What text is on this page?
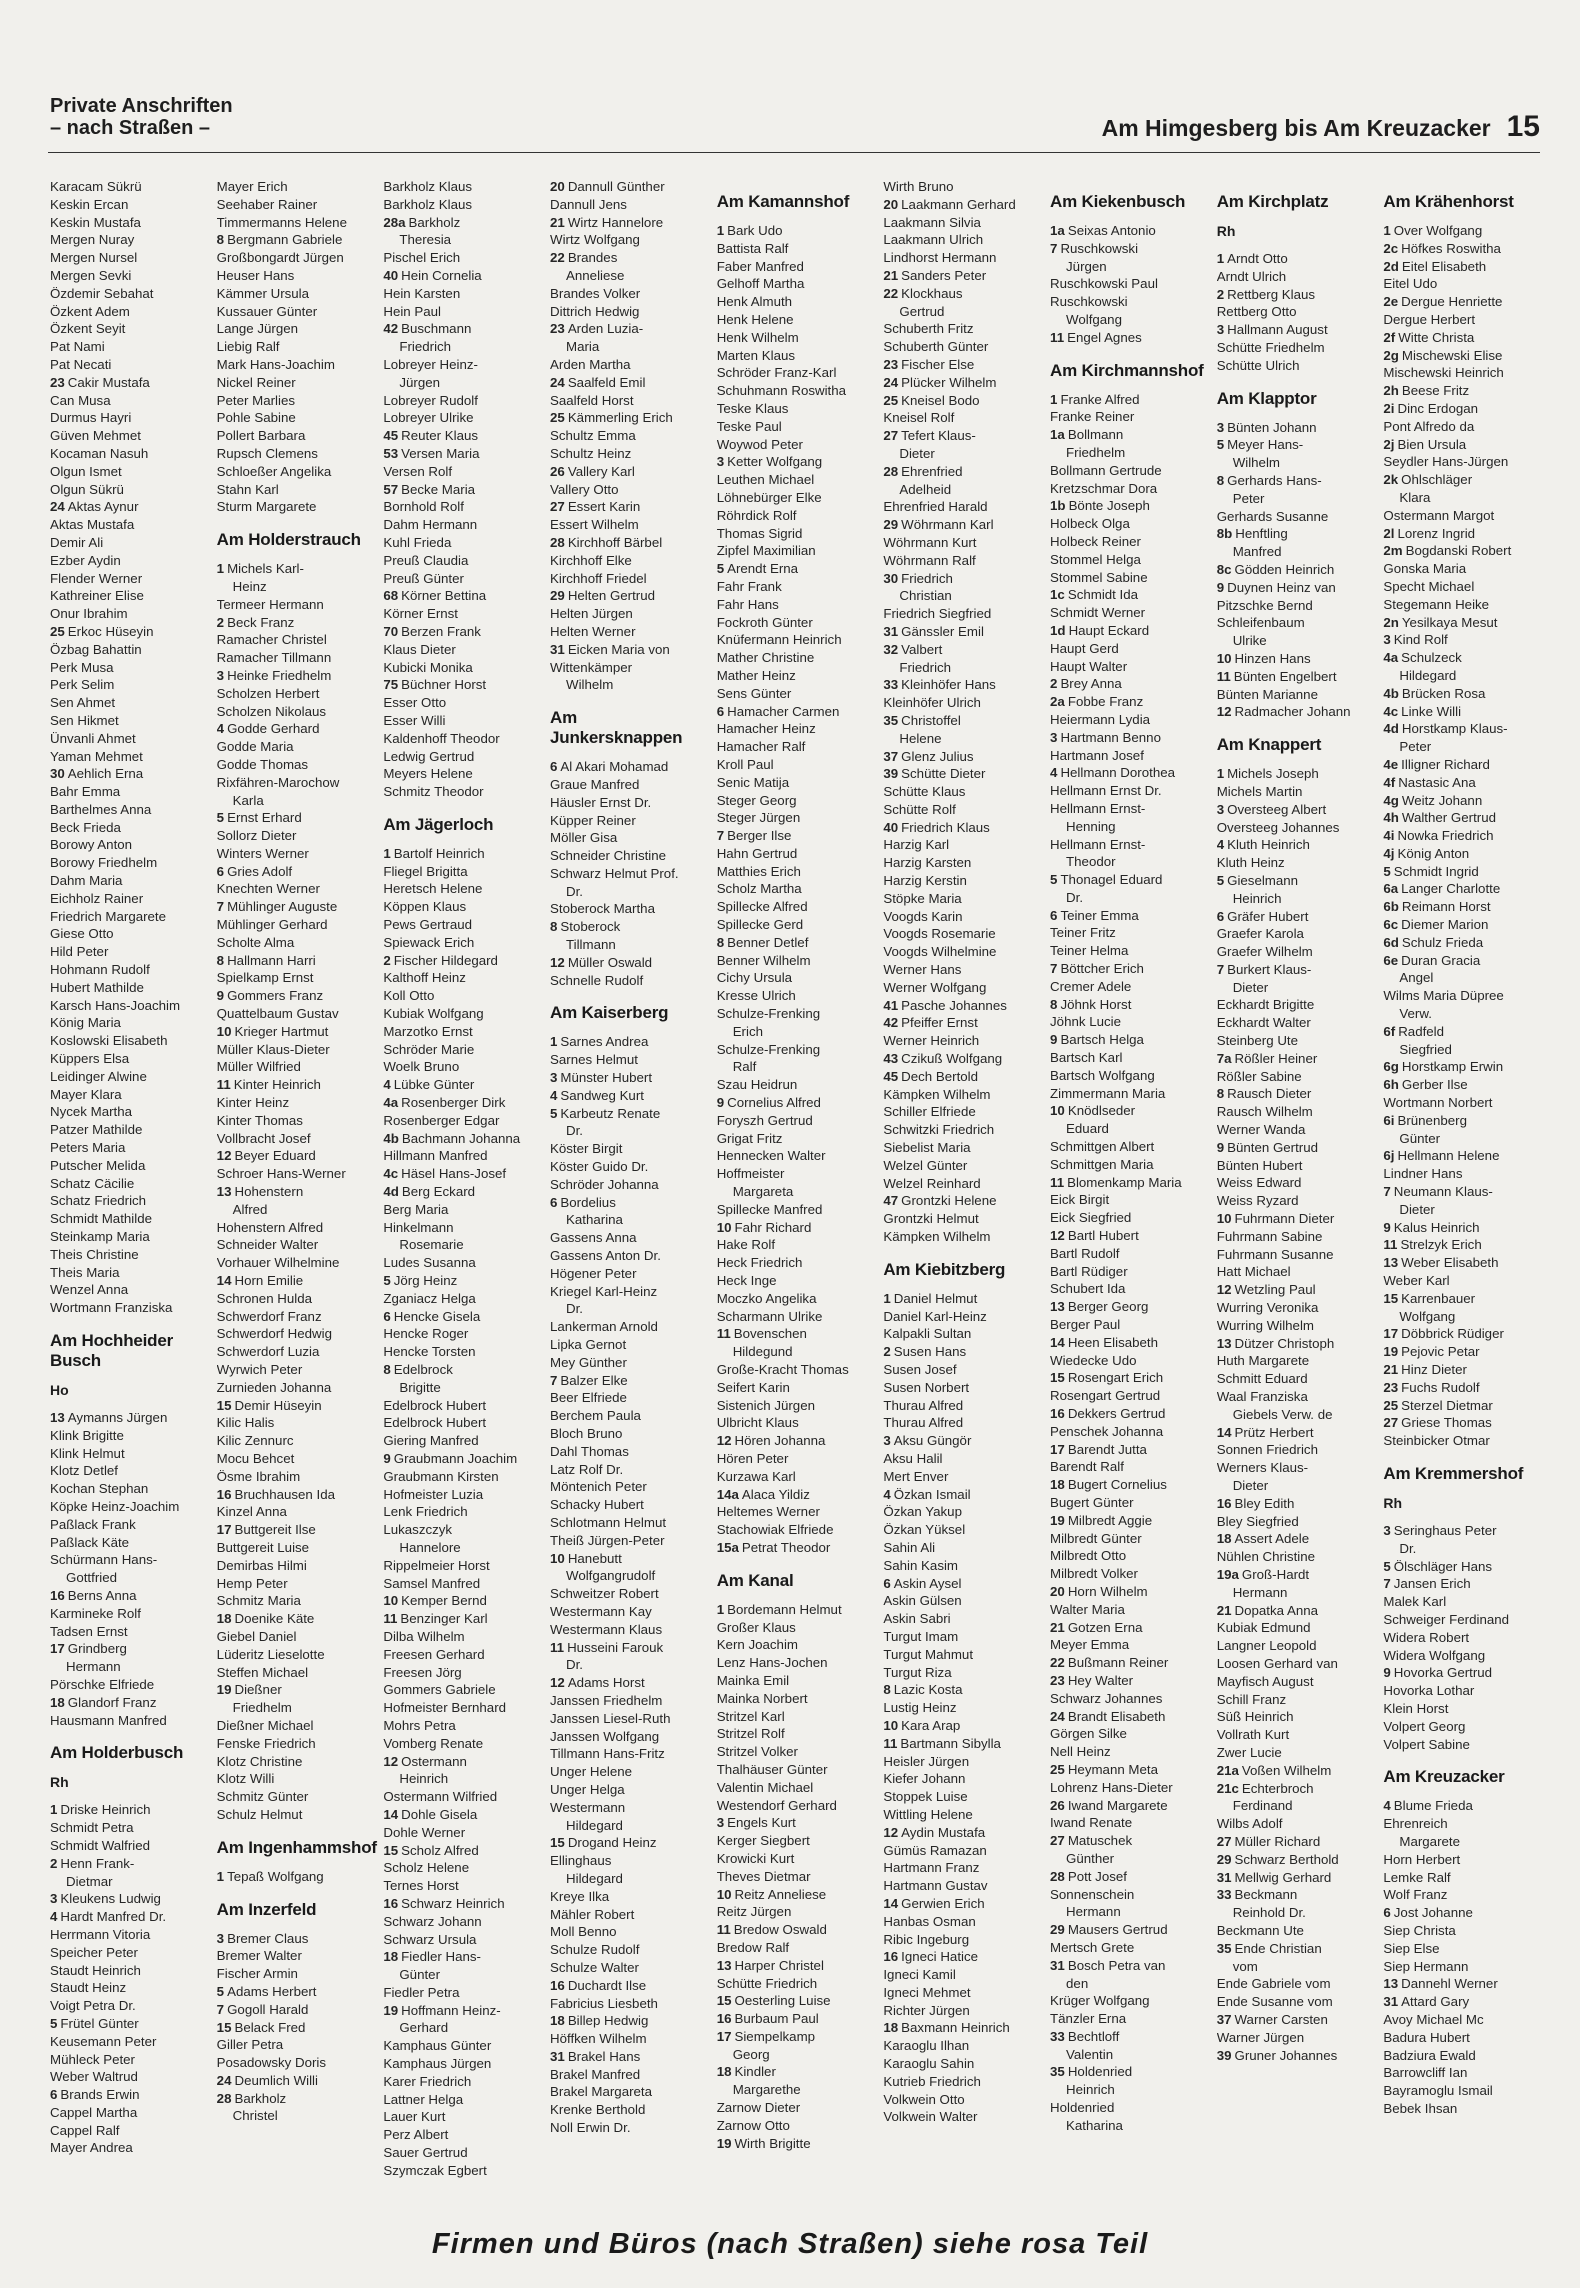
Private Anschriften
– nach Straßen –	Am Himgesberg bis Am Kreuzacker 15
Karacam Sükrü
Keskin Ercan
Keskin Mustafa
Mergen Nuray
Mergen Nursel
Mergen Sevki
Özdemir Sebahat
Özkent Adem
Özkent Seyit
Pat Nami
Pat Necati
23 Cakir Mustafa
Can Musa
Durmus Hayri
Güven Mehmet
Kocaman Nasuh
Olgun Ismet
Olgun Sükrü
24 Aktas Aynur
Aktas Mustafa
Demir Ali
Ezber Aydin
Flender Werner
Kathreiner Elise
Onur Ibrahim
25 Erkoc Hüseyin
Özbag Bahattin
Perk Musa
Perk Selim
Sen Ahmet
Sen Hikmet
Ünvanli Ahmet
Yaman Mehmet
30 Aehlich Erna
Bahr Emma
Barthelmes Anna
Beck Frieda
Borowy Anton
Borowy Friedhelm
Dahm Maria
Eichholz Rainer
Friedrich Margarete
Giese Otto
Hild Peter
Hohmann Rudolf
Hubert Mathilde
Karsch Hans-Joachim
König Maria
Koslowski Elisabeth
Küppers Elsa
Leidinger Alwine
Mayer Klara
Nycek Martha
Patzer Mathilde
Peters Maria
Putscher Melida
Schatz Cäcilie
Schatz Friedrich
Schmidt Mathilde
Steinkamp Maria
Theis Christine
Theis Maria
Wenzel Anna
Wortmann Franziska
Am Hochheider Busch
Ho
13 Aymanns Jürgen
Klink Brigitte
Klink Helmut
Klotz Detlef
Kochan Stephan
Köpke Heinz-Joachim
Paßlack Frank
Paßlack Käte
Schürmann Hans-
Gottfried
16 Berns Anna
Karmineke Rolf
Tadsen Ernst
17 Grindberg
Hermann
Pörschke Elfriede
18 Glandorf Franz
Hausmann Manfred
Am Holderbusch
Rh
1 Driske Heinrich
Schmidt Petra
Schmidt Walfried
2 Henn Frank-
Dietmar
3 Kleukens Ludwig
4 Hardt Manfred Dr.
Herrmann Vitoria
Speicher Peter
Staudt Heinrich
Staudt Heinz
Voigt Petra Dr.
5 Frütel Günter
Keusemann Peter
Mühleck Peter
Weber Waltrud
6 Brands Erwin
Cappel Martha
Cappel Ralf
Mayer Andrea
Mayer Erich
Seehaber Rainer
Timmermanns Helene
8 Bergmann Gabriele
Großbongardt Jürgen
Heuser Hans
Kämmer Ursula
Kussauer Günter
Lange Jürgen
Liebig Ralf
Mark Hans-Joachim
Nickel Reiner
Peter Marlies
Pohle Sabine
Pollert Barbara
Rupsch Clemens
Schloeßer Angelika
Stahn Karl
Sturm Margarete
Am Holderstrauch
1 Michels Karl-
Heinz
Termeer Hermann
2 Beck Franz
Ramacher Christel
Ramacher Tillmann
3 Heinke Friedhelm
Scholzen Herbert
Scholzen Nikolaus
4 Godde Gerhard
Godde Maria
Godde Thomas
Rixfähren-Marochow
Karla
5 Ernst Erhard
Sollorz Dieter
Winters Werner
6 Gries Adolf
Knechten Werner
7 Mühlinger Auguste
Mühlinger Gerhard
Scholte Alma
8 Hallmann Harri
Spielkamp Ernst
9 Gommers Franz
Quattelbaum Gustav
10 Krieger Hartmut
Müller Klaus-Dieter
Müller Wilfried
11 Kinter Heinrich
Kinter Heinz
Kinter Thomas
Vollbracht Josef
12 Beyer Eduard
Schroer Hans-Werner
13 Hohenstern
Alfred
Hohenstern Alfred
Schneider Walter
Vorhauer Wilhelmine
14 Horn Emilie
Schronen Hulda
Schwerdorf Franz
Schwerdorf Hedwig
Schwerdorf Luzia
Wyrwich Peter
Zurnieden Johanna
15 Demir Hüseyin
Kilic Halis
Kilic Zennurc
Mocu Behcet
Ösme Ibrahim
16 Bruchhausen Ida
Kinzel Anna
17 Buttgereit Ilse
Buttgereit Luise
Demirbas Hilmi
Hemp Peter
Schmitz Maria
18 Doenike Käte
Giebel Daniel
Lüderitz Lieselotte
Steffen Michael
19 Dießner
Friedhelm
Dießner Michael
Fenske Friedrich
Klotz Christine
Klotz Willi
Schmitz Günter
Schulz Helmut
Am Ingenhammshof
1 Tepaß Wolfgang
Am Inzerfeld
3 Bremer Claus
Bremer Walter
Fischer Armin
5 Adams Herbert
7 Gogoll Harald
15 Belack Fred
Giller Petra
Posadowsky Doris
24 Deumlich Willi
28 Barkholz
Christel
Barkholz Klaus
Barkholz Klaus
28a Barkholz
Theresia
Pischel Erich
40 Hein Cornelia
Hein Karsten
Hein Paul
42 Buschmann
Friedrich
Lobreyer Heinz-
Jürgen
Lobreyer Rudolf
Lobreyer Ulrike
45 Reuter Klaus
53 Versen Maria
Versen Rolf
57 Becke Maria
Bornhold Rolf
Dahm Hermann
Kuhl Frieda
Preuß Claudia
Preuß Günter
68 Körner Bettina
Körner Ernst
70 Berzen Frank
Klaus Dieter
Kubicki Monika
75 Büchner Horst
Esser Otto
Esser Willi
Kaldenhoff Theodor
Ledwig Gertrud
Meyers Helene
Schmitz Theodor
Am Jägerloch
1 Bartolf Heinrich
Fliegel Brigitta
Heretsch Helene
Köppen Klaus
Pews Gertraud
Spiewack Erich
2 Fischer Hildegard
Kalthoff Heinz
Koll Otto
Kubiak Wolfgang
Marzotko Ernst
Schröder Marie
Woelk Bruno
4 Lübke Günter
4a Rosenberger Dirk
Rosenberger Edgar
4b Bachmann Johanna
Hillmann Manfred
4c Häsel Hans-Josef
4d Berg Eckard
Berg Maria
Hinkelmann
Rosemarie
Ludes Susanna
5 Jörg Heinz
Zganiacz Helga
6 Hencke Gisela
Hencke Roger
Hencke Torsten
8 Edelbrock
Brigitte
Edelbrock Hubert
Edelbrock Hubert
Giering Manfred
9 Graubmann Joachim
Graubmann Kirsten
Hofmeister Luzia
Lenk Friedrich
Lukaszczyk
Hannelore
Rippelmeier Horst
Samsel Manfred
10 Kemper Bernd
11 Benzinger Karl
Dilba Wilhelm
Freesen Gerhard
Freesen Jörg
Gommers Gabriele
Hofmeister Bernhard
Mohrs Petra
Vomberg Renate
12 Ostermann
Heinrich
Ostermann Wilfried
14 Dohle Gisela
Dohle Werner
15 Scholz Alfred
Scholz Helene
Ternes Horst
16 Schwarz Heinrich
Schwarz Johann
Schwarz Ursula
18 Fiedler Hans-
Günter
Fiedler Petra
19 Hoffmann Heinz-
Gerhard
Kamphaus Günter
Kamphaus Jürgen
Karer Friedrich
Lattner Helga
Lauer Kurt
Perz Albert
Sauer Gertrud
Szymczak Egbert
20 Dannull Günther
Dannull Jens
21 Wirtz Hannelore
Wirtz Wolfgang
22 Brandes
Anneliese
Brandes Volker
Dittrich Hedwig
23 Arden Luzia-
Maria
Arden Martha
24 Saalfeld Emil
Saalfeld Horst
25 Kämmerling Erich
Schultz Emma
Schultz Heinz
26 Vallery Karl
Vallery Otto
27 Essert Karin
Essert Wilhelm
28 Kirchhoff Bärbel
Kirchhoff Elke
Kirchhoff Friedel
29 Helten Gertrud
Helten Jürgen
Helten Werner
31 Eicken Maria von
Wittenkämper
Wilhelm
Am Junkersknappen
6 Al Akari Mohamad
Graue Manfred
Häusler Ernst Dr.
Küpper Reiner
Möller Gisa
Schneider Christine
Schwarz Helmut Prof.
Dr.
Stoberock Martha
8 Stoberock
Tillmann
12 Müller Oswald
Schnelle Rudolf
Am Kaiserberg
1 Sarnes Andrea
Sarnes Helmut
3 Münster Hubert
4 Sandweg Kurt
5 Karbeutz Renate
Dr.
Köster Birgit
Köster Guido Dr.
Schröder Johanna
6 Bordelius
Katharina
Gassens Anna
Gassens Anton Dr.
Högener Peter
Kriegel Karl-Heinz
Dr.
Lankerman Arnold
Lipka Gernot
Mey Günther
7 Balzer Elke
Beer Elfriede
Berchem Paula
Bloch Bruno
Dahl Thomas
Latz Rolf Dr.
Möntenich Peter
Schacky Hubert
Schlotmann Helmut
Theiß Jürgen-Peter
10 Hanebutt
Wolfgangrudolf
Schweitzer Robert
Westermann Kay
Westermann Klaus
11 Husseini Farouk
Dr.
12 Adams Horst
Janssen Friedhelm
Janssen Liesel-Ruth
Janssen Wolfgang
Tillmann Hans-Fritz
Unger Helene
Unger Helga
Westermann
Hildegard
15 Drogand Heinz
Ellinghaus
Hildegard
Kreye Ilka
Mähler Robert
Moll Benno
Schulze Rudolf
Schulze Walter
16 Duchardt Ilse
Fabricius Liesbeth
18 Billep Hedwig
Höffken Wilhelm
31 Brakel Hans
Brakel Manfred
Brakel Margareta
Krenke Berthold
Noll Erwin Dr.
Am Kamannshof
1 Bark Udo
Battista Ralf
Faber Manfred
Gelhoff Martha
Henk Almuth
Henk Helene
Henk Wilhelm
Marten Klaus
Schröder Franz-Karl
Schuhmann Roswitha
Teske Klaus
Teske Paul
Woywod Peter
3 Ketter Wolfgang
Leuthen Michael
Löhnebürger Elke
Röhrdick Rolf
Thomas Sigrid
Zipfel Maximilian
5 Arendt Erna
Fahr Frank
Fahr Hans
Fockroth Günter
Knüfermann Heinrich
Mather Christine
Mather Heinz
Sens Günter
6 Hamacher Carmen
Hamacher Heinz
Hamacher Ralf
Kroll Paul
Senic Matija
Steger Georg
Steger Jürgen
7 Berger Ilse
Hahn Gertrud
Matthies Erich
Scholz Martha
Spillecke Alfred
Spillecke Gerd
8 Benner Detlef
Benner Wilhelm
Cichy Ursula
Kresse Ulrich
Schulze-Frenking
Erich
Schulze-Frenking
Ralf
Szau Heidrun
9 Cornelius Alfred
Foryszh Gertrud
Grigat Fritz
Hennecken Walter
Hoffmeister
Margareta
Spillecke Manfred
10 Fahr Richard
Hake Rolf
Heck Friedrich
Heck Inge
Moczko Angelika
Scharmann Ulrike
11 Bovenschen
Hildegund
Große-Kracht Thomas
Seifert Karin
Sistenich Jürgen
Ulbricht Klaus
12 Hören Johanna
Hören Peter
Kurzawa Karl
14a Alaca Yildiz
Heltemes Werner
Stachowiak Elfriede
15a Petrat Theodor
Am Kanal
1 Bordemann Helmut
Großer Klaus
Kern Joachim
Lenz Hans-Jochen
Mainka Emil
Mainka Norbert
Stritzel Karl
Stritzel Rolf
Stritzel Volker
Thalhäuser Günter
Valentin Michael
Westendorf Gerhard
3 Engels Kurt
Kerger Siegbert
Krowicki Kurt
Theves Dietmar
10 Reitz Anneliese
Reitz Jürgen
11 Bredow Oswald
Bredow Ralf
13 Harper Christel
Schütte Friedrich
15 Oesterling Luise
16 Burbaum Paul
17 Siempelkamp
Georg
18 Kindler
Margarethe
Zarnow Dieter
Zarnow Otto
19 Wirth Brigitte
Wirth Bruno
20 Laakmann Gerhard
Laakmann Silvia
Laakmann Ulrich
Lindhorst Hermann
21 Sanders Peter
22 Klockhaus
Gertrud
Schuberth Fritz
Schuberth Günter
23 Fischer Else
24 Plücker Wilhelm
25 Kneisel Bodo
Kneisel Rolf
27 Tefert Klaus-
Dieter
28 Ehrenfried
Adelheid
Ehrenfried Harald
29 Wöhrmann Karl
Wöhrmann Kurt
Wöhrmann Ralf
30 Friedrich
Christian
Friedrich Siegfried
31 Gänssler Emil
32 Valbert
Friedrich
33 Kleinhöfer Hans
Kleinhöfer Ulrich
35 Christoffel
Helene
37 Glenz Julius
39 Schütte Dieter
Schütte Klaus
Schütte Rolf
40 Friedrich Klaus
Harzig Karl
Harzig Karsten
Harzig Kerstin
Stöpke Maria
Voogds Karin
Voogds Rosemarie
Voogds Wilhelmine
Werner Hans
Werner Wolfgang
41 Pasche Johannes
42 Pfeiffer Ernst
Werner Heinrich
43 Czikuß Wolfgang
45 Dech Bertold
Kämpken Wilhelm
Schiller Elfriede
Schwitzki Friedrich
Siebelist Maria
Welzel Günter
Welzel Reinhard
47 Grontzki Helene
Grontzki Helmut
Kämpken Wilhelm
Am Kiebitzberg
1 Daniel Helmut
Daniel Karl-Heinz
Kalpakli Sultan
2 Susen Hans
Susen Josef
Susen Norbert
Thurau Alfred
Thurau Alfred
3 Aksu Güngör
Aksu Halil
Mert Enver
4 Özkan Ismail
Özkan Yakup
Özkan Yüksel
Sahin Ali
Sahin Kasim
6 Askin Aysel
Askin Gülsen
Askin Sabri
Turgut Imam
Turgut Mahmut
Turgut Riza
8 Lazic Kosta
Lustig Heinz
10 Kara Arap
11 Bartmann Sibylla
Heisler Jürgen
Kiefer Johann
Stoppek Luise
Wittling Helene
12 Aydin Mustafa
Gümüs Ramazan
Hartmann Franz
Hartmann Gustav
14 Gerwien Erich
Hanbas Osman
Ribic Ingeburg
16 Igneci Hatice
Igneci Kamil
Igneci Mehmet
Richter Jürgen
18 Baxmann Heinrich
Karaoglu Ilhan
Karaoglu Sahin
Kutrieb Friedrich
Volkwein Otto
Volkwein Walter
Am Kiekenbusch
1a Seixas Antonio
7 Ruschkowski
Jürgen
Ruschkowski Paul
Ruschkowski
Wolfgang
11 Engel Agnes
Am Kirchmannshof
1 Franke Alfred
Franke Reiner
1a Bollmann
Friedhelm
Bollmann Gertrude
Kretzschmar Dora
1b Bönte Joseph
Holbeck Olga
Holbeck Reiner
Stommel Helga
Stommel Sabine
1c Schmidt Ida
Schmidt Werner
1d Haupt Eckard
Haupt Gerd
Haupt Walter
2 Brey Anna
2a Fobbe Franz
Heiermann Lydia
3 Hartmann Benno
Hartmann Josef
4 Hellmann Dorothea
Hellmann Ernst Dr.
Hellmann Ernst-
Henning
Hellmann Ernst-
Theodor
5 Thonagel Eduard
Dr.
6 Teiner Emma
Teiner Fritz
Teiner Helma
7 Böttcher Erich
Cremer Adele
8 Jöhnk Horst
Jöhnk Lucie
9 Bartsch Helga
Bartsch Karl
Bartsch Wolfgang
Zimmermann Maria
10 Knödlseder
Eduard
Schmittgen Albert
Schmittgen Maria
11 Blomenkamp Maria
Eick Birgit
Eick Siegfried
12 Bartl Hubert
Bartl Rudolf
Bartl Rüdiger
Schubert Ida
13 Berger Georg
Berger Paul
14 Heen Elisabeth
Wiedecke Udo
15 Rosengart Erich
Rosengart Gertrud
16 Dekkers Gertrud
Penschek Johanna
17 Barendt Jutta
Barendt Ralf
18 Bugert Cornelius
Bugert Günter
19 Milbredt Aggie
Milbredt Günter
Milbredt Otto
Milbredt Volker
20 Horn Wilhelm
Walter Maria
21 Gotzen Erna
Meyer Emma
22 Bußmann Reiner
23 Hey Walter
Schwarz Johannes
24 Brandt Elisabeth
Görgen Silke
Nell Heinz
25 Heymann Meta
Lohrenz Hans-Dieter
26 Iwand Margarete
Iwand Renate
27 Matuschek
Günther
28 Pott Josef
Sonnenschein
Hermann
29 Mausers Gertrud
Mertsch Grete
31 Bosch Petra van
den
Krüger Wolfgang
Tänzler Erna
33 Bechtloff
Valentin
35 Holdenried
Heinrich
Holdenried
Katharina
Am Kirchplatz
Rh
1 Arndt Otto
Arndt Ulrich
2 Rettberg Klaus
Rettberg Otto
3 Hallmann August
Schütte Friedhelm
Schütte Ulrich
Am Klapptor
3 Bünten Johann
5 Meyer Hans-
Wilhelm
8 Gerhards Hans-
Peter
Gerhards Susanne
8b Henftling
Manfred
8c Gödden Heinrich
9 Duynen Heinz van
Pitzschke Bernd
Schleifenbaum
Ulrike
10 Hinzen Hans
11 Bünten Engelbert
Bünten Marianne
12 Radmacher Johann
Am Knappert
1 Michels Joseph
Michels Martin
3 Oversteeg Albert
Oversteeg Johannes
4 Kluth Heinrich
Kluth Heinz
5 Gieselmann
Heinrich
6 Gräfer Hubert
Graefer Karola
Graefer Wilhelm
7 Burkert Klaus-
Dieter
Eckhardt Brigitte
Eckhardt Walter
Steinberg Ute
7a Rößler Heiner
Rößler Sabine
8 Rausch Dieter
Rausch Wilhelm
Werner Wanda
9 Bünten Gertrud
Bünten Hubert
Weiss Edward
Weiss Ryzard
10 Fuhrmann Dieter
Fuhrmann Sabine
Fuhrmann Susanne
Hatt Michael
12 Wetzling Paul
Wurring Veronika
Wurring Wilhelm
13 Dützer Christoph
Huth Margarete
Schmitt Eduard
Waal Franziska
Giebels Verw. de
14 Prütz Herbert
Sonnen Friedrich
Werners Klaus-
Dieter
16 Bley Edith
Bley Siegfried
18 Assert Adele
Nühlen Christine
19a Groß-Hardt
Hermann
21 Dopatka Anna
Kubiak Edmund
Langner Leopold
Loosen Gerhard van
Mayfisch August
Schill Franz
Süß Heinrich
Vollrath Kurt
Zwer Lucie
21a Voßen Wilhelm
21c Echterbroch
Ferdinand
Wilbs Adolf
27 Müller Richard
29 Schwarz Berthold
31 Mellwig Gerhard
33 Beckmann
Reinhold Dr.
Beckmann Ute
35 Ende Christian
vom
Ende Gabriele vom
Ende Susanne vom
37 Warner Carsten
Warner Jürgen
39 Gruner Johannes
Am Krähenhorst
1 Over Wolfgang
2c Höfkes Roswitha
2d Eitel Elisabeth
Eitel Udo
2e Dergue Henriette
Dergue Herbert
2f Witte Christa
2g Mischewski Elise
Mischewski Heinrich
2h Beese Fritz
2i Dinc Erdogan
Pont Alfredo da
2j Bien Ursula
Seydler Hans-Jürgen
2k Ohlschläger
Klara
Ostermann Margot
2l Lorenz Ingrid
2m Bogdanski Robert
Gonska Maria
Specht Michael
Stegemann Heike
2n Yesilkaya Mesut
3 Kind Rolf
4a Schulzeck
Hildegard
4b Brücken Rosa
4c Linke Willi
4d Horstkamp Klaus-
Peter
4e Illigner Richard
4f Nastasic Ana
4g Weitz Johann
4h Walther Gertrud
4i Nowka Friedrich
4j König Anton
5 Schmidt Ingrid
6a Langer Charlotte
6b Reimann Horst
6c Diemer Marion
6d Schulz Frieda
6e Duran Gracia
Angel
Wilms Maria Düpree
Verw.
6f Radfeld
Siegfried
6g Horstkamp Erwin
6h Gerber Ilse
Wortmann Norbert
6i Brünenberg
Günter
6j Hellmann Helene
Lindner Hans
7 Neumann Klaus-
Dieter
9 Kalus Heinrich
11 Strelzyk Erich
13 Weber Elisabeth
Weber Karl
15 Karrenbauer
Wolfgang
17 Döbbrick Rüdiger
19 Pejovic Petar
21 Hinz Dieter
23 Fuchs Rudolf
25 Sterzel Dietmar
27 Griese Thomas
Steinbicker Otmar
Am Kremmershof
Rh
3 Seringhaus Peter
Dr.
5 Ölschläger Hans
7 Jansen Erich
Malek Karl
Schweiger Ferdinand
Widera Robert
Widera Wolfgang
9 Hovorka Gertrud
Hovorka Lothar
Klein Horst
Volpert Georg
Volpert Sabine
Am Kreuzacker
4 Blume Frieda
Ehrenreich
Margarete
Horn Herbert
Lemke Ralf
Wolf Franz
6 Jost Johanne
Siep Christa
Siep Else
Siep Hermann
13 Dannehl Werner
31 Attard Gary
Avoy Michael Mc
Badura Hubert
Badziura Ewald
Barrowcliff Ian
Bayramoglu Ismail
Bebek Ihsan
Firmen und Büros (nach Straßen) siehe rosa Teil
